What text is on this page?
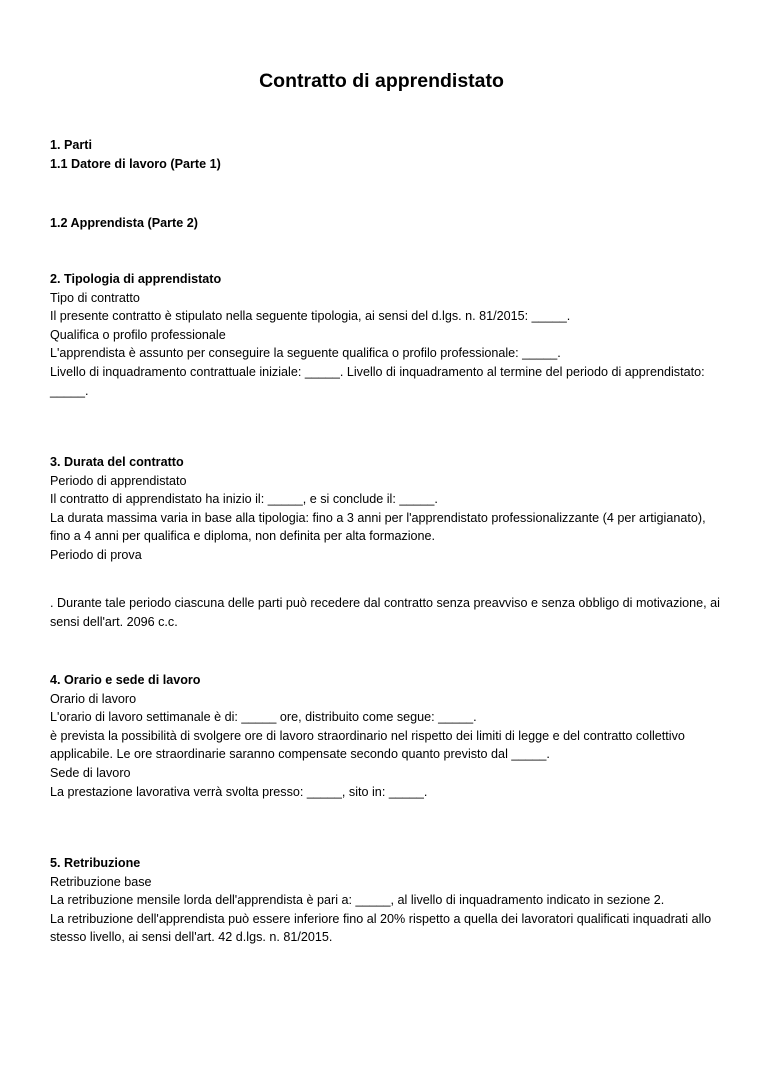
Contratto di apprendistato

1. Parti

1.1 Datore di lavoro (Parte 1)

1.2 Apprendista (Parte 2)

2. Tipologia di apprendistato

Tipo di contratto

Il presente contratto è stipulato nella seguente tipologia, ai sensi del d.lgs. n. 81/2015: _____.

Qualifica o profilo professionale

L'apprendista è assunto per conseguire la seguente qualifica o profilo professionale: _____.

Livello di inquadramento contrattuale iniziale: _____. Livello di inquadramento al termine del periodo di apprendistato: _____.

3. Durata del contratto

Periodo di apprendistato

Il contratto di apprendistato ha inizio il: _____, e si conclude il: _____.

La durata massima varia in base alla tipologia: fino a 3 anni per l'apprendistato professionalizzante (4 per artigianato), fino a 4 anni per qualifica e diploma, non definita per alta formazione.

Periodo di prova

. Durante tale periodo ciascuna delle parti può recedere dal contratto senza preavviso e senza obbligo di motivazione, ai sensi dell'art. 2096 c.c.

4. Orario e sede di lavoro

Orario di lavoro

L'orario di lavoro settimanale è di: _____ ore, distribuito come segue: _____.

è prevista la possibilità di svolgere ore di lavoro straordinario nel rispetto dei limiti di legge e del contratto collettivo applicabile. Le ore straordinarie saranno compensate secondo quanto previsto dal _____.

Sede di lavoro

La prestazione lavorativa verrà svolta presso: _____, sito in: _____.

5. Retribuzione

Retribuzione base

La retribuzione mensile lorda dell'apprendista è pari a: _____, al livello di inquadramento indicato in sezione 2.

La retribuzione dell'apprendista può essere inferiore fino al 20% rispetto a quella dei lavoratori qualificati inquadrati allo stesso livello, ai sensi dell'art. 42 d.lgs. n. 81/2015.
